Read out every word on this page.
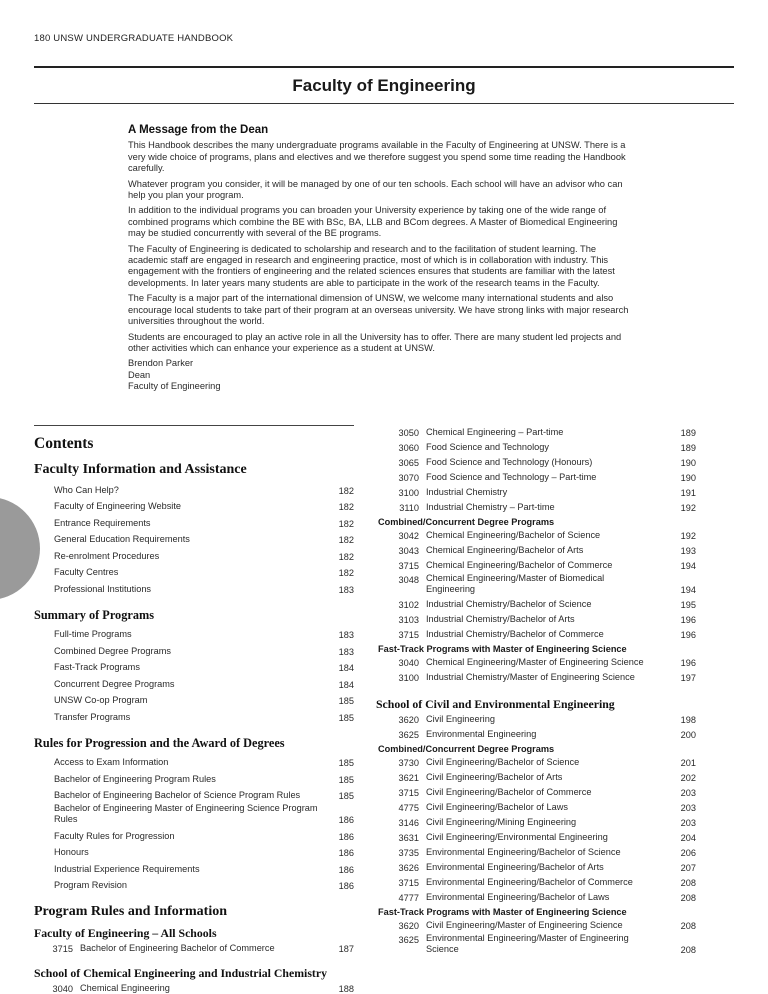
180 UNSW UNDERGRADUATE HANDBOOK
Faculty of Engineering
A Message from the Dean

This Handbook describes the many undergraduate programs available in the Faculty of Engineering at UNSW. There is a very wide choice of programs, plans and electives and we therefore suggest you spend some time reading the Handbook carefully.

Whatever program you consider, it will be managed by one of our ten schools. Each school will have an advisor who can help you plan your program.

In addition to the individual programs you can broaden your University experience by taking one of the wide range of combined programs which combine the BE with BSc, BA, LLB and BCom degrees. A Master of Biomedical Engineering may be studied concurrently with several of the BE programs.

The Faculty of Engineering is dedicated to scholarship and research and to the facilitation of student learning. The academic staff are engaged in research and engineering practice, most of which is in collaboration with industry. This engagement with the frontiers of engineering and the related sciences ensures that students are familiar with the latest developments. In later years many students are able to participate in the work of the research teams in the Faculty.

The Faculty is a major part of the international dimension of UNSW, we welcome many international students and also encourage local students to take part of their program at an overseas university. We have strong links with major research universities throughout the world.

Students are encouraged to play an active role in all the University has to offer. There are many student led projects and other activities which can enhance your experience as a student at UNSW.

Brendon Parker
Dean
Faculty of Engineering
Contents
Faculty Information and Assistance
Who Can Help?	182
Faculty of Engineering Website	182
Entrance Requirements	182
General Education Requirements	182
Re-enrolment Procedures	182
Faculty Centres	182
Professional Institutions	183
Summary of Programs
Full-time Programs	183
Combined Degree Programs	183
Fast-Track Programs	184
Concurrent Degree Programs	184
UNSW Co-op Program	185
Transfer Programs	185
Rules for Progression and the Award of Degrees
Access to Exam Information	185
Bachelor of Engineering Program Rules	185
Bachelor of Engineering Bachelor of Science Program Rules	185
Bachelor of Engineering Master of Engineering Science Program Rules	186
Faculty Rules for Progression	186
Honours	186
Industrial Experience Requirements	186
Program Revision	186
Program Rules and Information
Faculty of Engineering – All Schools
3715 Bachelor of Engineering Bachelor of Commerce	187
School of Chemical Engineering and Industrial Chemistry
3040 Chemical Engineering	188
3050 Chemical Engineering – Part-time	189
3060 Food Science and Technology	189
3065 Food Science and Technology (Honours)	190
3070 Food Science and Technology – Part-time	190
3100 Industrial Chemistry	191
3110 Industrial Chemistry – Part-time	192
Combined/Concurrent Degree Programs
3042 Chemical Engineering/Bachelor of Science	192
3043 Chemical Engineering/Bachelor of Arts	193
3715 Chemical Engineering/Bachelor of Commerce	194
3048 Chemical Engineering/Master of Biomedical Engineering	194
3102 Industrial Chemistry/Bachelor of Science	195
3103 Industrial Chemistry/Bachelor of Arts	196
3715 Industrial Chemistry/Bachelor of Commerce	196
Fast-Track Programs with Master of Engineering Science
3040 Chemical Engineering/Master of Engineering Science	196
3100 Industrial Chemistry/Master of Engineering Science	197
School of Civil and Environmental Engineering
3620 Civil Engineering	198
3625 Environmental Engineering	200
Combined/Concurrent Degree Programs
3730 Civil Engineering/Bachelor of Science	201
3621 Civil Engineering/Bachelor of Arts	202
3715 Civil Engineering/Bachelor of Commerce	203
4775 Civil Engineering/Bachelor of Laws	203
3146 Civil Engineering/Mining Engineering	203
3631 Civil Engineering/Environmental Engineering	204
3735 Environmental Engineering/Bachelor of Science	206
3626 Environmental Engineering/Bachelor of Arts	207
3715 Environmental Engineering/Bachelor of Commerce	208
4777 Environmental Engineering/Bachelor of Laws	208
Fast-Track Programs with Master of Engineering Science
3620 Civil Engineering/Master of Engineering Science	208
3625 Environmental Engineering/Master of Engineering Science	208
